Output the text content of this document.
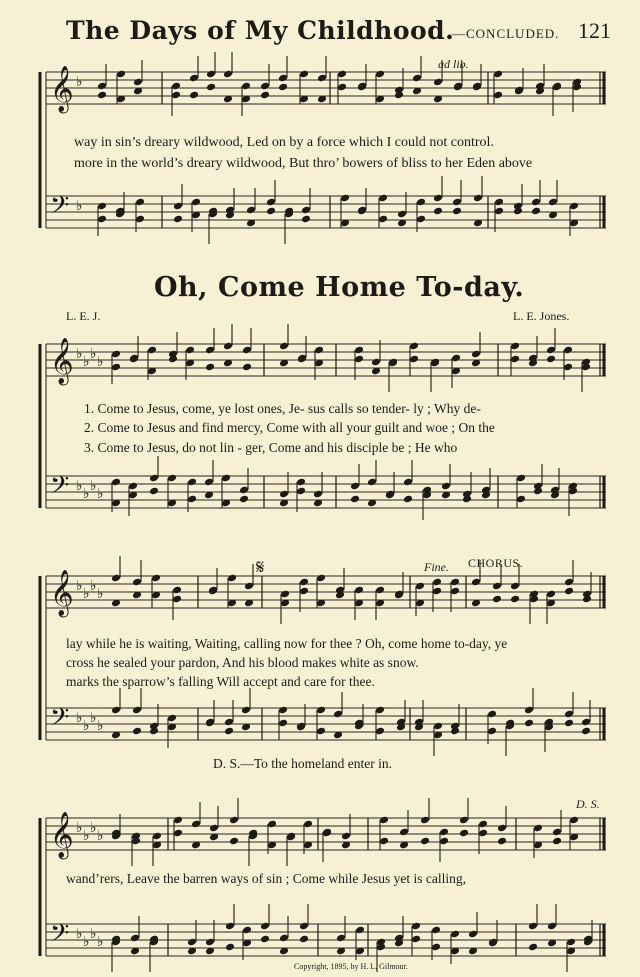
The Days of My Childhood.
—CONCLUDED. 121
ad lib.
way in sin’s dreary wildwood, Led on by a force which I could not control.
more in the world’s dreary wildwood, But thro’ bowers of bliss to her Eden above
Oh, Come Home To-day.
L. E. J.	L. E. Jones.
1. Come to Jesus, come, ye lost ones, Je- sus calls so tender- ly ; Why de-
2. Come to Jesus and find mercy, Come with all your guilt and woe ; On the
3. Come to Jesus, do not lin - ger, Come and his disciple be ; He who
Fine. CHORUS.
lay while he is waiting, Waiting, calling now for thee ? Oh, come home to-day, ye
cross he sealed your pardon, And his blood makes white as snow.
marks the sparrow’s falling Will accept and care for thee.
D. S.—To the homeland enter in.
D. S.
wand’rers, Leave the barren ways of sin ; Come while Jesus yet is calling,
Copyright, 1895, by H. L. Gilmour.
𝄞 ♭
𝄢 ♭
𝄞 ♭ ♭ ♭ ♭
𝄢 ♭ ♭ ♭ ♭
𝄞 ♭ ♭ ♭ ♭
𝄢 ♭ ♭ ♭ ♭
𝄞 ♭ ♭ ♭ ♭
𝄢 ♭ ♭ ♭ ♭
𝄋
